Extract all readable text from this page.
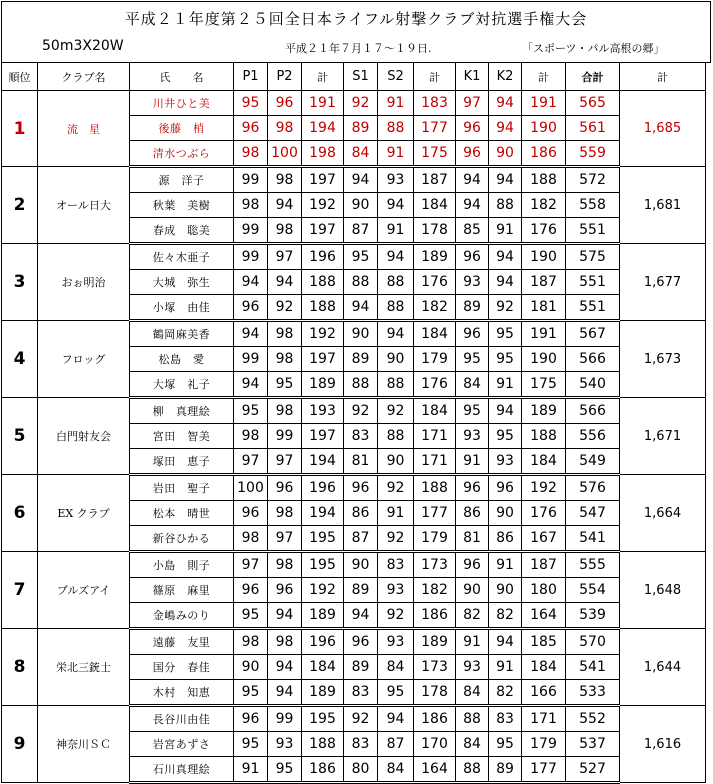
平成２１年度第２５回全日本ライフル射撃クラブ対抗選手権大会
50m3X20W	平成２１年７月１７～１９日.	「スポーツ・パル高根の郷」
順位	クラブ名	氏　　名	P1	P2	計	S1	S2	計	K1	K2	計	合計	計
1	流　星	川井ひと美	95	96	191	92	91	183	97	94	191	565	1,685
		後藤　梢	96	98	194	89	88	177	96	94	190	561	
		清水つぶら	98	100	198	84	91	175	96	90	186	559	
2	オール日大	源　洋子	99	98	197	94	93	187	94	94	188	572	1,681
		秋葉　美樹	98	94	192	90	94	184	94	88	182	558	
		春成　聡美	99	98	197	87	91	178	85	91	176	551	
3	おぉ明治	佐々木亜子	99	97	196	95	94	189	96	94	190	575	1,677
		大城　弥生	94	94	188	88	88	176	93	94	187	551	
		小塚　由佳	96	92	188	94	88	182	89	92	181	551	
4	フロッグ	鶴岡麻美香	94	98	192	90	94	184	96	95	191	567	1,673
		松島　愛	99	98	197	89	90	179	95	95	190	566	
		大塚　礼子	94	95	189	88	88	176	84	91	175	540	
5	白門射友会	柳　真理絵	95	98	193	92	92	184	95	94	189	566	1,671
		宮田　智美	98	99	197	83	88	171	93	95	188	556	
		塚田　恵子	97	97	194	81	90	171	91	93	184	549	
6	EX クラブ	岩田　聖子	100	96	196	96	92	188	96	96	192	576	1,664
		松本　晴世	96	98	194	86	91	177	86	90	176	547	
		新谷ひかる	98	97	195	87	92	179	81	86	167	541	
7	ブルズアイ	小島　則子	97	98	195	90	83	173	96	91	187	555	1,648
		篠原　麻里	96	96	192	89	93	182	90	90	180	554	
		金嶋みのり	95	94	189	94	92	186	82	82	164	539	
8	栄北三銃士	遠藤　友里	98	98	196	96	93	189	91	94	185	570	1,644
		国分　春佳	90	94	184	89	84	173	93	91	184	541	
		木村　知恵	95	94	189	83	95	178	84	82	166	533	
9	神奈川ＳＣ	長谷川由佳	96	99	195	92	94	186	88	83	171	552	1,616
		岩宮あずさ	95	93	188	83	87	170	84	95	179	537	
		石川真理絵	91	95	186	80	84	164	88	89	177	527	
